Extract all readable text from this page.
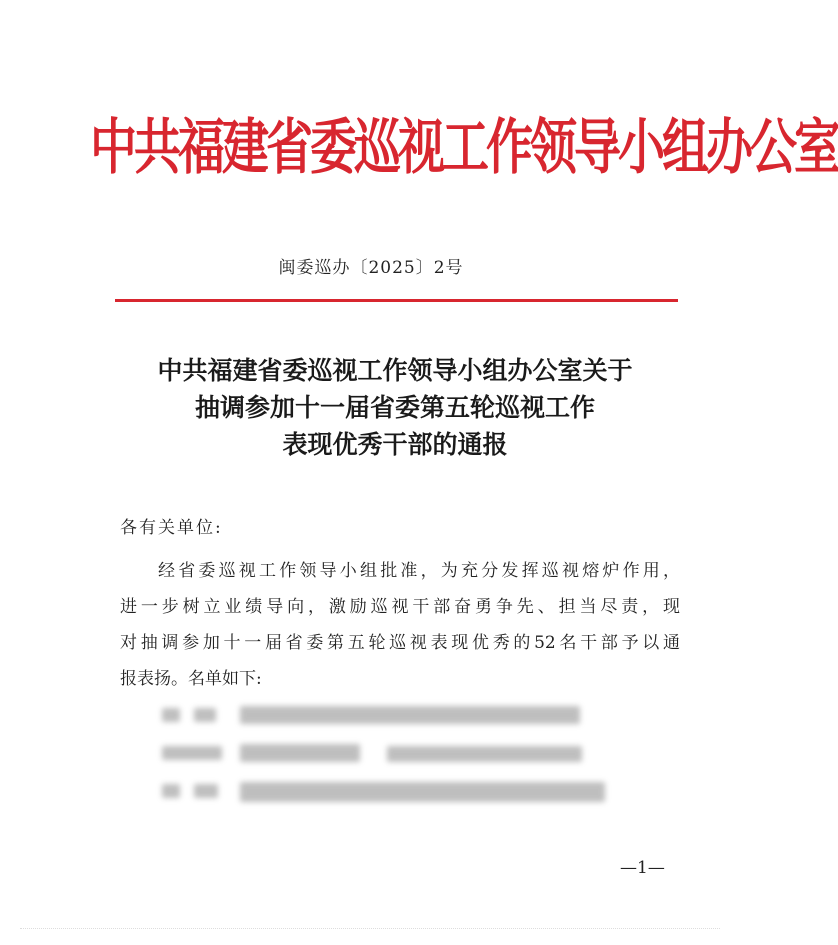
中共福建省委巡视工作领导小组办公室
闽委巡办〔2025〕2号
中共福建省委巡视工作领导小组办公室关于
抽调参加十一届省委第五轮巡视工作
表现优秀干部的通报
各有关单位:
经省委巡视工作领导小组批准，为充分发挥巡视熔炉作用，
进一步树立业绩导向，激励巡视干部奋勇争先、担当尽责，现
对抽调参加十一届省委第五轮巡视表现优秀的52名干部予以通
报表扬。名单如下:
—1—
